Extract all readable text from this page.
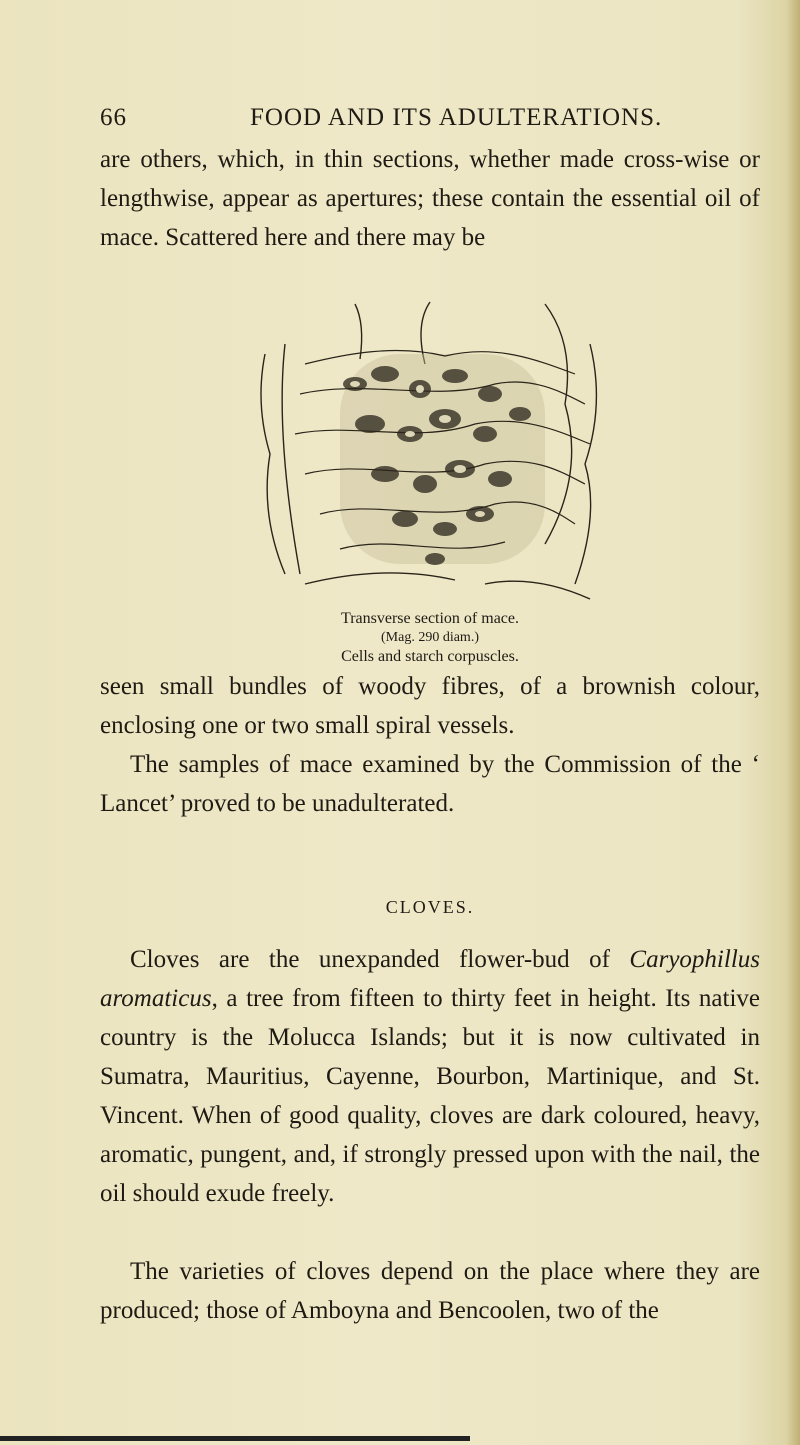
66	FOOD AND ITS ADULTERATIONS.

are others, which, in thin sections, whether made cross-wise or lengthwise, appear as apertures; these contain the essential oil of mace. Scattered here and there may be

Transverse section of mace.

(Mag. 290 diam.)

Cells and starch corpuscles.

seen small bundles of woody fibres, of a brownish colour, enclosing one or two small spiral vessels.

The samples of mace examined by the Commission of the ‘ Lancet’ proved to be unadulterated.

CLOVES.

Cloves are the unexpanded flower-bud of Caryophillus aromaticus, a tree from fifteen to thirty feet in height. Its native country is the Molucca Islands; but it is now cultivated in Sumatra, Mauritius, Cayenne, Bourbon, Martinique, and St. Vincent. When of good quality, cloves are dark coloured, heavy, aromatic, pungent, and, if strongly pressed upon with the nail, the oil should exude freely.

The varieties of cloves depend on the place where they are produced; those of Amboyna and Bencoolen, two of the
